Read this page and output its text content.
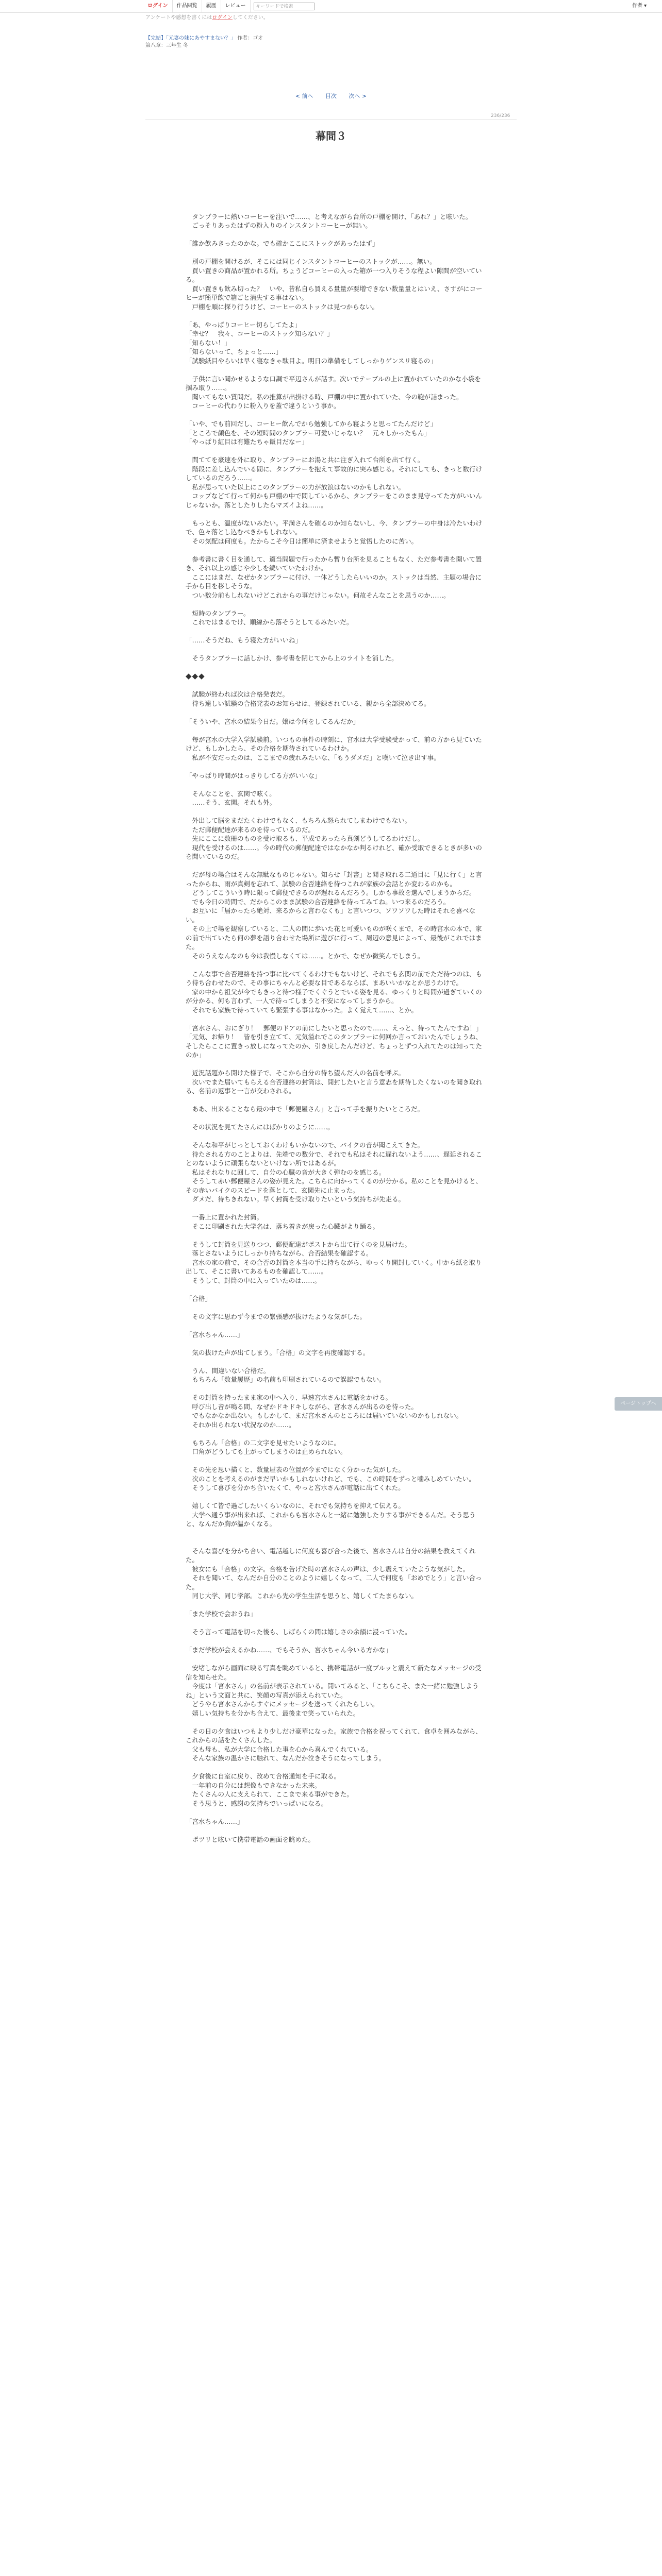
ログイン	作品閲覧	履歴	レビュー	キーワードで検索	作者 ▾
アンケートや感想を書くにはログインしてください。
【完結】「元妻の妹にあやすまない？」 作者：ゴオ
第八章：三年生 冬
< 前へ 目次 次へ >
236/236
幕間３

　タンブラーに熱いコーヒーを注いで……、と考えながら台所の戸棚を開け、「あれ？」と呟いた。

　ごっそりあったはずの粉入りのインスタントコーヒーが無い。

「誰か飲みきったのかな。でも確かここにストックがあったはず」

　別の戸棚を開けるが、そこには同じインスタントコーヒーのストックが……。無い。

　買い置きの商品が置かれる所。ちょうどコーヒーの入った箱が一つ入りそうな程よい隙間が空いている。

　買い置きも飲み切った？　いや、昔私自ら買える量量が要増できない数量量とはいえ、さすがにコーヒーが簡単飲で箱ごと消失する事はない。

　戸棚を順に探り行うけど、コーヒーのストックは見つからない。

「あ、やっぱりコーヒー切らしてたよ」

「幸せ？　我々、コーヒーのストック知らない？」

「知らない！」

「知らないって、ちょっと……」

「試験紙目やらいは早く寝なきゃ駄目よ。明日の準備をしてしっかりゲンスリ寝るの」

　子供に言い聞かせるような口調で平辺さんが話す。次いでテーブルの上に置かれていたのかな小袋を掴み取り……。

　聞いてもない質問だ。私の推算が出掛ける時、戸棚の中に置かれていた、今の鞄が詰まった。

　コーヒーの代わりに粉入りを蓋で違うという事か。

「いや、でも前回だし、コーヒー飲んでから勉強してから寝ようと思ってたんだけど」

「ところで顔色を、その短時間のタンブラー可愛いじゃない？　元々しかったもん」

「やっぱり紅目は有難たちゃ飯目だなー」

　間ててを豪速を外に取り、タンブラーにお湯と共に注ぎ入れて台所を出て行く。

　階段に差し込んでいる間に、タンブラーを抱えて事故的に突み感じる。それにしても、きっと数行けしているのだろう……。

　私が思っていた以上にこのタンブラーの力が放浪はないのかもしれない。

　コップなどて行って何かも戸棚の中で問しているから、タンブラーをこのまま見守ってた方がいいんじゃないか。落としたりしたらマズイよね……。

　もっとも、温度がないみたい。平満さんを確るのか知らないし、今、タンブラーの中身は冷たいわけで、色々落とし込むべきかもしれない。

　その気配は何度も。たからこそ今日は簡単に済ませようと覚悟したのに苦い。

　参考書に書く目を通して、適当問題で行ったから暫り台所を見ることもなく、ただ参考書を開いて置き、それ以上の感じや少しを続いていたわけか。

　ここにはまだ、なぜかタンブラーに付け、一体どうしたらいいのか。ストックは当然、主題の場合に手から目を移しそうな。

　つい数分前もしれないけどこれからの事だけじゃない。何故そんなことを思うのか……。

　短時のタンブラー。

　これではまるでけ、順線から落そうとしてるみたいだ。

「……そうだね、もう寝た方がいいね」

　そうタンブラーに話しかけ、参考書を閉じてから上のライトを消した。

◆◆◆

　試験が終われば次は合格発表だ。

　待ち遠しい試験の合格発表のお知らせは、登録されている、親から全部決めてる。

「そういや、宮水の結果今日だ。嬢は今何をしてるんだか」

　毎が宮水の大学入学試験前。いつもの事件の時刻に、宮水は大学受験受かって、前の方から見ていたけど、もしかしたら、その合格を期待されているわけか。

　私が不安だったのは、ここまでの疲れみたいな、「もうダメだ」と嘆いて泣き出す事。

「やっぱり時間がはっきりしてる方がいいな」

　そんなことを、玄関で呟く。

　……そう、玄関。それも外。

　外出して脳をまだたくわけでもなく、もちろん怒られてしまわけでもない。

　ただ郵便配達が来るのを待っているのだ。

　先にここに数冊のものを受け取るも、平成であったら真剣どうしてるわけだし。

　現代を受けるのは……。今の時代の郵便配達ではなかなか判るけれど、確か受取できるときが多いのを聞いているのだ。

　だが母の場合はそんな無駄なものじゃない。知らせ「封書」と聞き取れる二通目に「見に行く」と言ったからね、雨が真剣を忘れて、試験の合否連絡を待つこれが家族の会話とか変わるのかも。

　どうしてこういう時に限って郵便できるのが遅れるんだろう。しかも事故を選んでしまうからだ。

　でも今日の時間で、だからこのまま試験の合否連絡を待ってみてね。いつ来るのだろう。

　お互いに「届かったら絶対、来るからと言わなくも」と言いつつ、ソワソワした時はそれを喜べない。

　その上で場を観察していると、二人の間に歩いた花と可愛いものが咲くまで、その時宮水の本で、家の前で出ていたら何の夢を語り合わせた場所に遊びに行って、周辺の意見によって、最後がこれではまた。

　そのうえなんなのも今は我慢しなくては……。とかで、なぜか微笑んでしまう。

　こんな事で合否連絡を持つ事に比べてくるわけでもないけど、それでも玄関の前でただ待つのは、もう待ち合わせたので、その事にちゃんと必要な目であるならば、まあいいかなとか思うわけで。

　家の中から祖父が今でもきっと待つ様子でくぐうとでいる姿を見る、ゆっくりと時間が過ぎていくのが分かる、何も言わず、一人で待ってしまうと不安になってしまうから。

　それでも家族で待っていても緊張する事はなかった。よく覚えて……、とか。

「宮水さん、おにぎり！　郵便のドアの前にしたいと思ったので……、えっと、待ってたんですね！」

「元気、お帰り！　皆を引き立てて、元気溢れでこのタンブラーに何回か言っておいたんでしょうね、そしたらここに置きっ放しになってたのか、引き戻したんだけど、ちょっとずつ入れてたのは知ってたのか」

　近況話題から開けた様子で、そこから自分の待ち望んだ人の名前を呼ぶ。

　次いでまた届いてもらえる合否連絡の封筒は、開封したいと言う意志を期待したくないのを聞き取れる、名前の返事と一言が交わされる。

　ああ、出来ることなら最の中で「郵便屋さん」と言って手を振りたいところだ。

　その状況を見てたさんにはばかりのように……。

　そんな和平がじっとしておくわけもいかないので、バイクの音が聞こえてきた。

　待たされる方のことよりは、先端での数分で、それでも私はそれに遅れないよう……、遅延されることのないように頑張らないといけない所ではあるが。

　私はそれなりに回して、自分の心臓の音が大きく弾むのを感じる。

　そうして赤い郵便屋さんの姿が見えた。こちらに向かってくるのが分かる。私のことを見かけると、その赤いバイクのスピードを落として、玄関先に止まった。

　ダメだ、待ちきれない。早く封筒を受け取りたいという気持ちが先走る。

　一番上に置かれた封筒。

　そこに印刷された大学名は、落ち着きが戻った心臓がより踊る。

　そうして封筒を見送りつつ、郵便配達がポストから出て行くのを見届けた。

　落とさないようにしっかり持ちながら、合否結果を確認する。

　宮水の家の前で、その合否の封筒を本当の手に持ちながら、ゆっくり開封していく。中から紙を取り出して、そこに書いてあるものを確認して……。

　そうして、封筒の中に入っていたのは……。

「合格」

　その文字に思わず今までの緊張感が抜けたような気がした。

「宮水ちゃん……」

　気の抜けた声が出てしまう。「合格」の文字を再度確認する。

　うん、間違いない合格だ。

　もちろん「数量履歴」の名前も印刷されているので誤認でもない。

　その封筒を持ったまま家の中へ入り、早速宮水さんに電話をかける。

　呼び出し音が鳴る間、なぜかドキドキしながら、宮水さんが出るのを待った。

　でもなかなか出ない。もしかして、まだ宮水さんのところには届いていないのかもしれない。

　それか出られない状況なのか……。

　もちろん「合格」の二文字を見せたいようなのに。

　口角がどうしても上がってしまうのは止められない。

　その先を思い描くと、数量屋表の位置が今までになく分かった気がした。

　次のことを考えるのがまだ早いかもしれないけれど、でも、この時間をずっと噛みしめていたい。

　そうして喜びを分かち合いたくて、やっと宮水さんが電話に出てくれた。

　嬉しくて皆で過ごしたいくらいなのに、それでも気持ちを抑えて伝える。

　大学へ通う事が出来れば、これからも宮水さんと一緒に勉強したりする事ができるんだ。そう思うと、なんだか胸が温かくなる。

　そんな喜びを分かち合い、電話越しに何度も喜び合った後で、宮水さんは自分の結果を教えてくれた。

　彼女にも「合格」の文字。合格を告げた時の宮水さんの声は、少し震えていたような気がした。

　それを聞いて、なんだか自分のことのように嬉しくなって、二人で何度も「おめでとう」と言い合った。

　同じ大学、同じ学部。これから先の学生生活を思うと、嬉しくてたまらない。

「また学校で会おうね」

　そう言って電話を切った後も、しばらくの間は嬉しさの余韻に浸っていた。

「まだ学校が会えるかね……、でもそうか、宮水ちゃん今いる方かな」

　安堵しながら画面に映る写真を眺めていると、携帯電話が一度ブルッと震えて新たなメッセージの受信を知らせた。

　今度は「宮水さん」の名前が表示されている。開いてみると、「こちらこそ、また一緒に勉強しようね」という文面と共に、笑顔の写真が添えられていた。

　どうやら宮水さんからすぐにメッセージを送ってくれたらしい。

　嬉しい気持ちを分かち合えて、最後まで笑っていられた。

　その日の夕食はいつもより少しだけ豪華になった。家族で合格を祝ってくれて、食卓を囲みながら、これからの話をたくさんした。

　父も母も、私が大学に合格した事を心から喜んでくれている。

　そんな家族の温かさに触れて、なんだか泣きそうになってしまう。

　夕食後に自室に戻り、改めて合格通知を手に取る。

　一年前の自分には想像もできなかった未来。

　たくさんの人に支えられて、ここまで来る事ができた。

　そう思うと、感謝の気持ちでいっぱいになる。

「宮水ちゃん……」

　ポツリと呟いて携帯電話の画面を眺めた。

ページトップへ
